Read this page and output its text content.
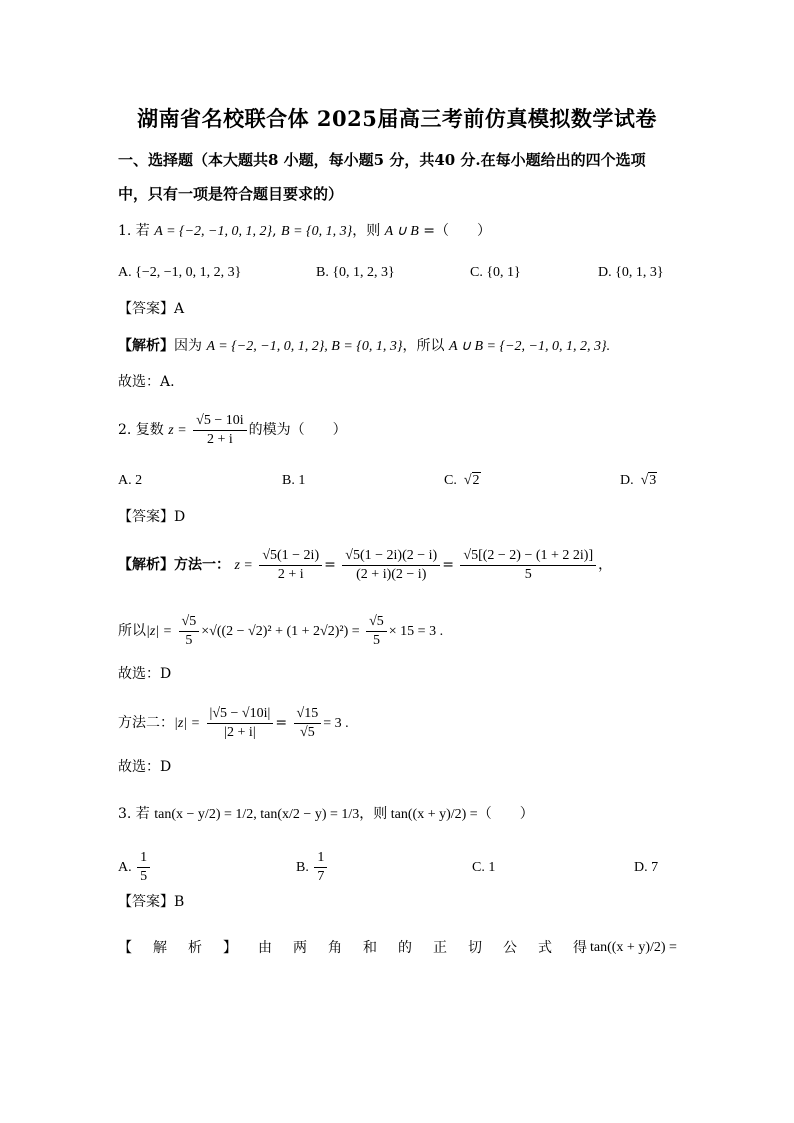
湖南省名校联合体 2025届高三考前仿真模拟数学试卷
一、选择题（本大题共8 小题，每小题5 分，共40 分.在每小题给出的四个选项
中，只有一项是符合题目要求的）
1. 若 A = {−2, −1, 0, 1, 2}, B = {0, 1, 3}，则 A ∪ B =（　　）
A. {−2, −1, 0, 1, 2, 3}	B. {0, 1, 2, 3}	C. {0, 1}	D. {0, 1, 3}
【答案】A
【解析】因为 A = {−2, −1, 0, 1, 2}, B = {0, 1, 3}，所以 A ∪ B = {−2, −1, 0, 1, 2, 3}.
故选：A.
2. 复数 $z = \frac{√5 - 10i}{2 + i}$ 的模为（　　）
A. 2	B. 1	C.  √2	D.  √3
【答案】D
【解析】方法一： $z = \frac{√5(1 - 2i)}{2 + i} = \frac{√5(1 - 2i)(2 - i)}{(2 + i)(2 - i)} = \frac{√5[(2 - 2) - (1 + 2 2i)]}{5}$ ，
所以$|z| = \frac{√5}{5} \times√((2 - √2)^2 + (1 + 2√2)^2) = \frac{√5}{5} \times 15 = 3$ .
故选：D
方法二：$|z| = \frac{|√5 - √10i|}{|2 + i|} = \frac{√15}{√5} = 3$ .
故选：D
3. 若 tan(x − y/2) = 1/2, tan(x/2 − y) = 1/3，则 tan((x + y)/2) =（　　）
A. $\frac{1}{5}$	B. $\frac{1}{7}$	C. 1	D. 7
【答案】B
【解析】由两角和的正切公式得
tan((x + y)/2) =
